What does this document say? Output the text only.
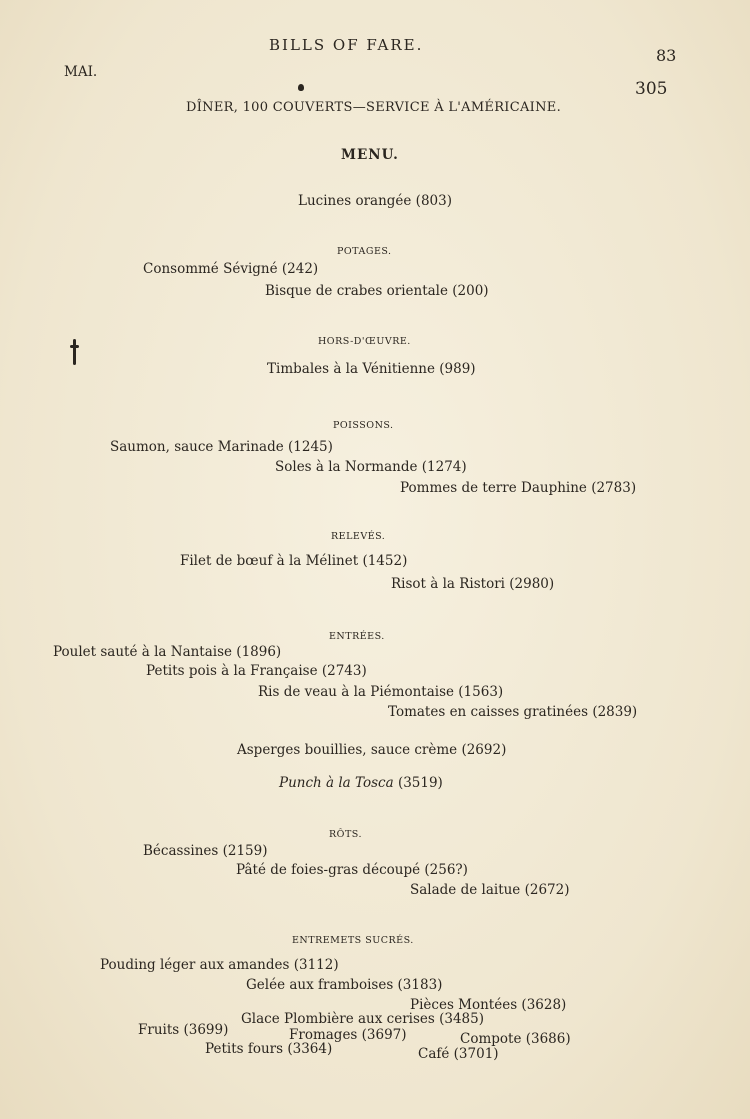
BILLS OF FARE.
83
MAI.
305
DÎNER, 100 COUVERTS—SERVICE À L'AMÉRICAINE.
MENU.
Lucines orangée (803)
POTAGES.
Consommé Sévigné (242)
Bisque de crabes orientale (200)
HORS-D'ŒUVRE.
Timbales à la Vénitienne (989)
POISSONS.
Saumon, sauce Marinade (1245)
Soles à la Normande (1274)
Pommes de terre Dauphine (2783)
RELEVÉS.
Filet de bœuf à la Mélinet (1452)
Risot à la Ristori (2980)
ENTRÉES.
Poulet sauté à la Nantaise (1896)
Petits pois à la Française (2743)
Ris de veau à la Piémontaise (1563)
Tomates en caisses gratinées (2839)
Asperges bouillies, sauce crème (2692)
Punch à la Tosca (3519)
RÔTS.
Bécassines (2159)
Pâté de foies-gras découpé (256?)
Salade de laitue (2672)
ENTREMETS SUCRÉS.
Pouding léger aux amandes (3112)
Gelée aux framboises (3183)
Pièces Montées (3628)
Glace Plombière aux cerises (3485)
Fruits (3699)	Fromages (3697)	Compote (3686)
Petits fours (3364)	Café (3701)
